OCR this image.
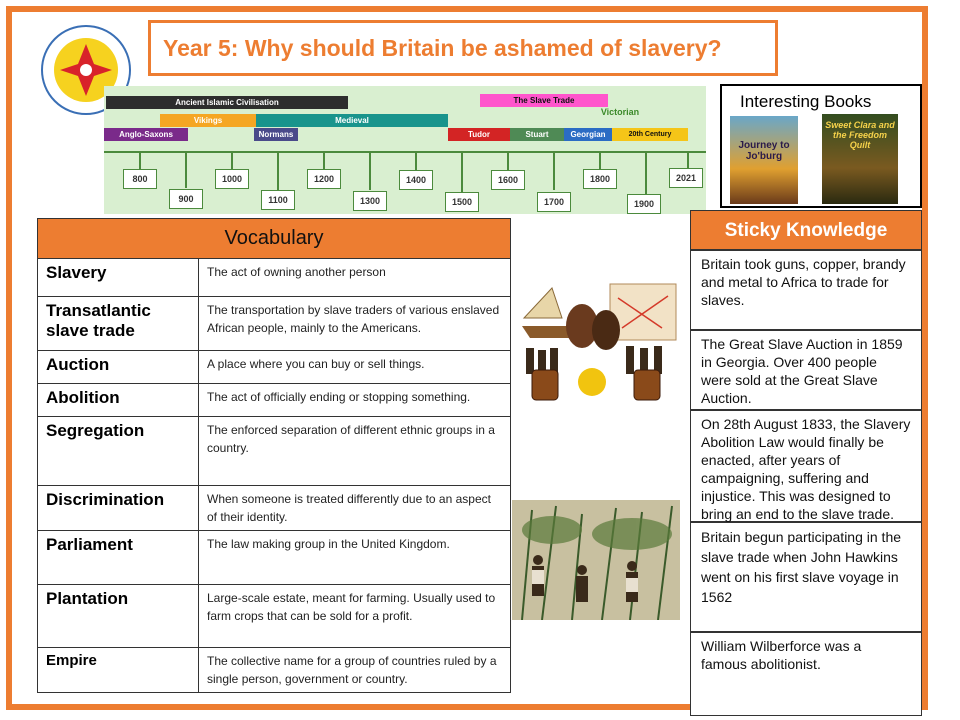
Year 5: Why should Britain be ashamed of slavery?
Ancient Islamic Civilisation	The Slave Trade
Vikings	Medieval
Victorian
Anglo-Saxons	Normans	Tudor	Stuart	Georgian	20th Century
800
900
1000
1100
1200
1300
1400
1500
1600
1700
1800
1900
2021
Interesting Books
Journey to Jo'burg
Sweet Clara and the Freedom Quilt
Vocabulary	
Slavery	The act of owning another person
Transatlantic slave trade	The transportation by slave traders of various enslaved African people, mainly to the Americans.
Auction	A place where you can buy or sell things.
Abolition	The act of officially ending or stopping something.
Segregation	The enforced separation of different ethnic groups in a country.
Discrimination	When someone is treated differently due to an aspect of their identity.
Parliament	The law making group in the United Kingdom.
Plantation	Large-scale estate, meant for farming. Usually used to farm crops that can be sold for a profit.
Empire	The collective name for a group of countries ruled by a single person, government or country.
Sticky Knowledge
Britain took guns, copper, brandy and metal to Africa to trade for slaves.
The Great Slave Auction in 1859 in Georgia. Over 400 people were sold at the Great Slave Auction.
On 28th August 1833, the Slavery Abolition Law would finally be enacted, after years of campaigning, suffering and injustice. This was designed to bring an end to the slave trade.
Britain begun participating in the slave trade when John Hawkins went on his first slave voyage in 1562
William Wilberforce was a famous abolitionist.
